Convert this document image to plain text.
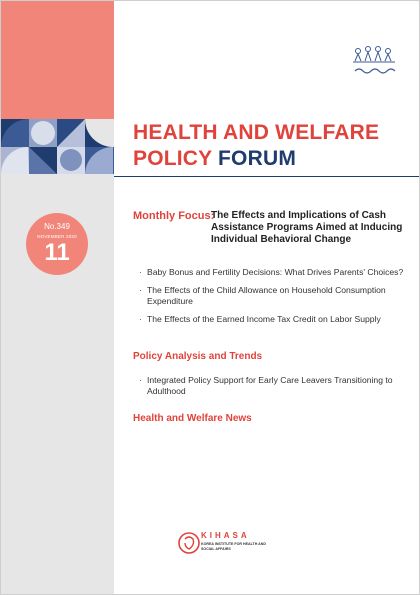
HEALTH AND WELFARE
POLICY FORUM
No.349
NOVEMBER 2020
11
Monthly Focus:
The Effects and Implications of Cash Assistance Programs Aimed at Inducing Individual Behavioral Change

· Baby Bonus and Fertility Decisions: What Drives Parents' Choices?

· The Effects of the Child Allowance on Household Consumption Expenditure

· The Effects of the Earned Income Tax Credit on Labor Supply

Policy Analysis and Trends

· Integrated Policy Support for Early Care Leavers Transitioning to Adulthood

Health and Welfare News
KIHASA
KOREA INSTITUTE FOR HEALTH AND SOCIAL AFFAIRS
